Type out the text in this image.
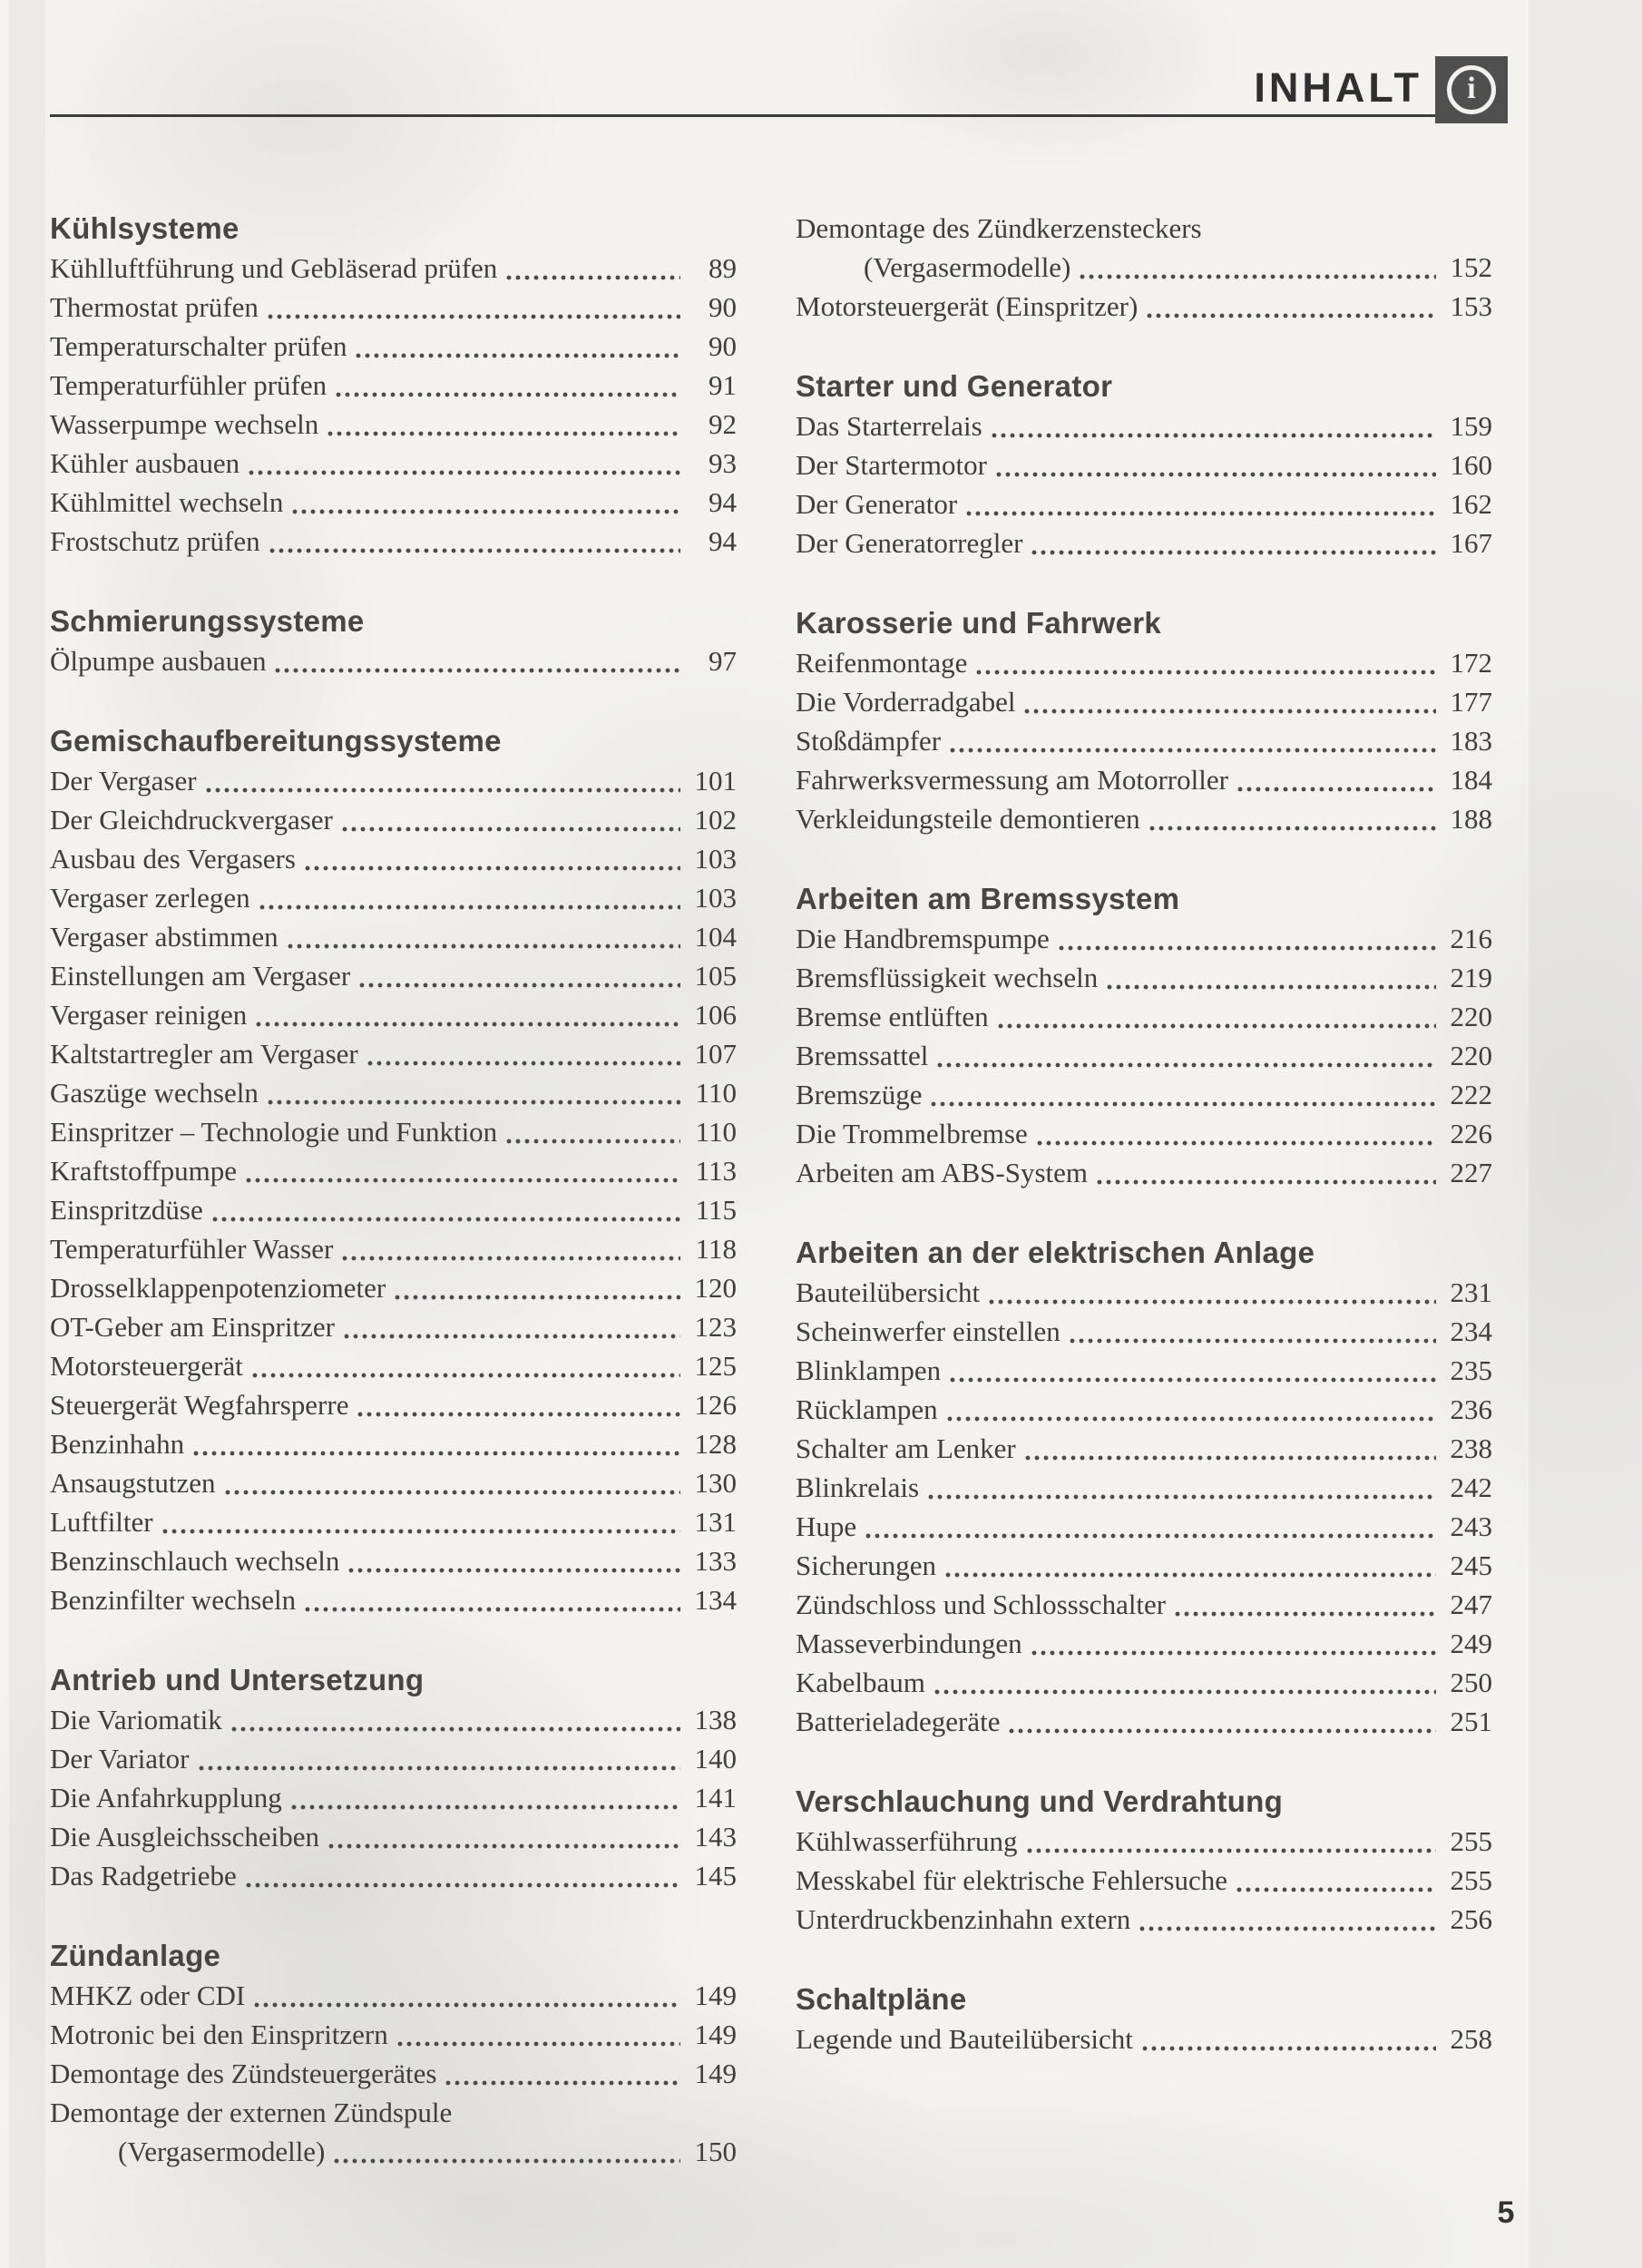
INHALT i
Kühlsysteme
Kühlluftführung und Gebläserad prüfen	89
Thermostat prüfen	90
Temperaturschalter prüfen	90
Temperaturfühler prüfen	91
Wasserpumpe wechseln	92
Kühler ausbauen	93
Kühlmittel wechseln	94
Frostschutz prüfen	94
Schmierungssysteme
Ölpumpe ausbauen	97
Gemischaufbereitungssysteme
Der Vergaser	101
Der Gleichdruckvergaser	102
Ausbau des Vergasers	103
Vergaser zerlegen	103
Vergaser abstimmen	104
Einstellungen am Vergaser	105
Vergaser reinigen	106
Kaltstartregler am Vergaser	107
Gaszüge wechseln	110
Einspritzer – Technologie und Funktion	110
Kraftstoffpumpe	113
Einspritzdüse	115
Temperaturfühler Wasser	118
Drosselklappenpotenziometer	120
OT-Geber am Einspritzer	123
Motorsteuergerät	125
Steuergerät Wegfahrsperre	126
Benzinhahn	128
Ansaugstutzen	130
Luftfilter	131
Benzinschlauch wechseln	133
Benzinfilter wechseln	134
Antrieb und Untersetzung
Die Variomatik	138
Der Variator	140
Die Anfahrkupplung	141
Die Ausgleichsscheiben	143
Das Radgetriebe	145
Zündanlage
MHKZ oder CDI	149
Motronic bei den Einspritzern	149
Demontage des Zündsteuergerätes	149
Demontage der externen Zündspule
(Vergasermodelle)	150
Demontage des Zündkerzensteckers
(Vergasermodelle)	152
Motorsteuergerät (Einspritzer)	153
Starter und Generator
Das Starterrelais	159
Der Startermotor	160
Der Generator	162
Der Generatorregler	167
Karosserie und Fahrwerk
Reifenmontage	172
Die Vorderradgabel	177
Stoßdämpfer	183
Fahrwerksvermessung am Motorroller	184
Verkleidungsteile demontieren	188
Arbeiten am Bremssystem
Die Handbremspumpe	216
Bremsflüssigkeit wechseln	219
Bremse entlüften	220
Bremssattel	220
Bremszüge	222
Die Trommelbremse	226
Arbeiten am ABS-System	227
Arbeiten an der elektrischen Anlage
Bauteilübersicht	231
Scheinwerfer einstellen	234
Blinklampen	235
Rücklampen	236
Schalter am Lenker	238
Blinkrelais	242
Hupe	243
Sicherungen	245
Zündschloss und Schlossschalter	247
Masseverbindungen	249
Kabelbaum	250
Batterieladegeräte	251
Verschlauchung und Verdrahtung
Kühlwasserführung	255
Messkabel für elektrische Fehlersuche	255
Unterdruckbenzinhahn extern	256
Schaltpläne
Legende und Bauteilübersicht	258
5
